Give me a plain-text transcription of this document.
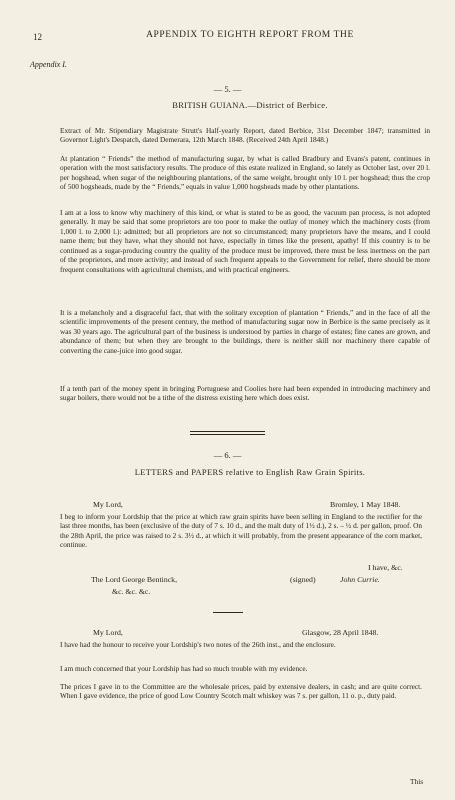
12	APPENDIX TO EIGHTH REPORT FROM THE
Appendix I.
— 5. —
BRITISH GUIANA.—District of Berbice.

Extract of Mr. Stipendiary Magistrate Strutt's Half-yearly Report, dated Berbice, 31st December 1847; transmitted in Governor Light's Despatch, dated Demerara, 12th March 1848. (Received 24th April 1848.)

At plantation “ Friends” the method of manufacturing sugar, by what is called Bradbury and Evans's patent, continues in operation with the most satisfactory results. The produce of this estate realized in England, so lately as October last, over 20 l. per hogshead, when sugar of the neighbouring plantations, of the same weight, brought only 10 l. per hogshead; thus the crop of 500 hogsheads, made by the “ Friends,” equals in value 1,000 hogsheads made by other plantations.

I am at a loss to know why machinery of this kind, or what is stated to be as good, the vacuum pan process, is not adopted generally. It may be said that some proprietors are too poor to make the outlay of money which the machinery costs (from 1,000 l. to 2,000 l.): admitted; but all proprietors are not so circumstanced; many proprietors have the means, and I could name them; but they have, what they should not have, especially in times like the present, apathy! If this country is to be continued as a sugar-producing country the quality of the produce must be improved, there must be less inertness on the part of the proprietors, and more activity; and instead of such frequent appeals to the Government for relief, there should be more frequent consultations with agricultural chemists, and with practical engineers.

It is a melancholy and a disgraceful fact, that with the solitary exception of plantation “ Friends,” and in the face of all the scientific improvements of the present century, the method of manufacturing sugar now in Berbice is the same precisely as it was 30 years ago. The agricultural part of the business is understood by parties in charge of estates; fine canes are grown, and abundance of them; but when they are brought to the buildings, there is neither skill nor machinery there capable of converting the cane-juice into good sugar.

If a tenth part of the money spent in bringing Portuguese and Coolies here had been expended in introducing machinery and sugar boilers, there would not be a tithe of the distress existing here which does exist.

— 6. —
LETTERS and PAPERS relative to English Raw Grain Spirits.
My Lord,	Bromley, 1 May 1848.

I beg to inform your Lordship that the price at which raw grain spirits have been selling in England to the rectifier for the last three months, has been (exclusive of the duty of 7 s. 10 d., and the malt duty of 1½ d.), 2 s. – ½ d. per gallon, proof. On the 28th April, the price was raised to 2 s. 3½ d., at which it will probably, from the present appearance of the corn market, continue.

I have, &c.
The Lord George Bentinck,	(signed)	John Currie.
&c. &c. &c.
My Lord,	Glasgow, 28 April 1848.

I have had the honour to receive your Lordship's two notes of the 26th inst., and the enclosure.

I am much concerned that your Lordship has had so much trouble with my evidence.

The prices I gave in to the Committee are the wholesale prices, paid by extensive dealers, in cash; and are quite correct. When I gave evidence, the price of good Low Country Scotch malt whiskey was 7 s. per gallon, 11 o. p., duty paid.

This
